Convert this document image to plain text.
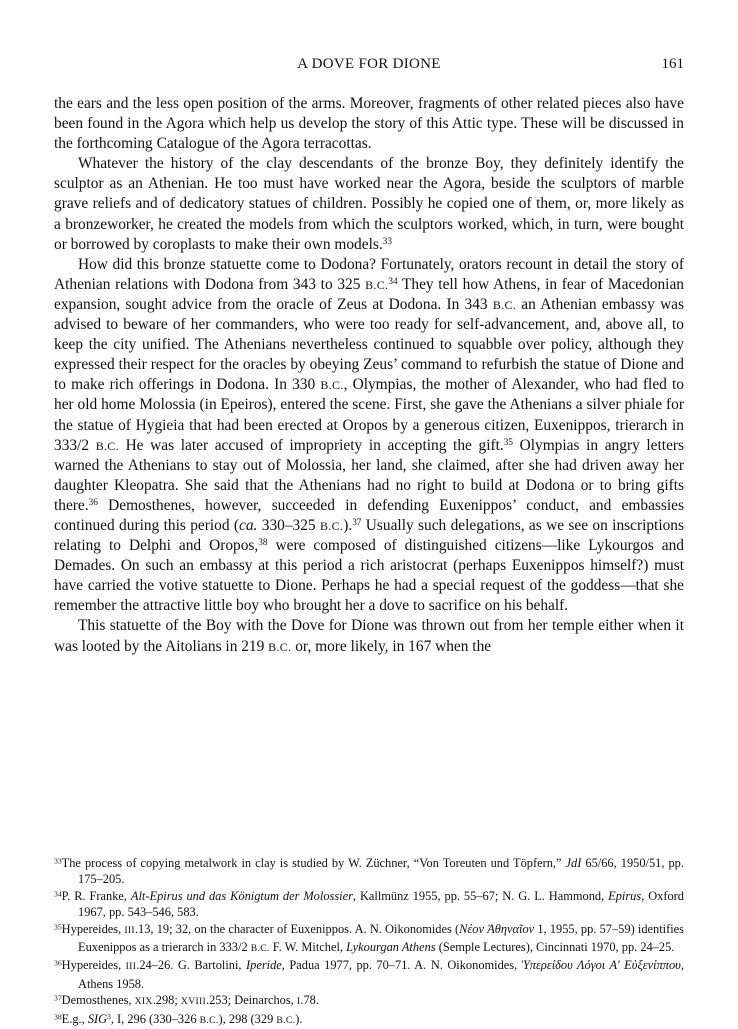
A DOVE FOR DIONE	161

the ears and the less open position of the arms. Moreover, fragments of other related pieces also have been found in the Agora which help us develop the story of this Attic type. These will be discussed in the forthcoming Catalogue of the Agora terracottas.

Whatever the history of the clay descendants of the bronze Boy, they definitely identify the sculptor as an Athenian. He too must have worked near the Agora, beside the sculptors of marble grave reliefs and of dedicatory statues of children. Possibly he copied one of them, or, more likely as a bronzeworker, he created the models from which the sculptors worked, which, in turn, were bought or borrowed by coroplasts to make their own models.$^{33}$

How did this bronze statuette come to Dodona? Fortunately, orators recount in detail the story of Athenian relations with Dodona from 343 to 325 B.C.$^{34}$ They tell how Athens, in fear of Macedonian expansion, sought advice from the oracle of Zeus at Dodona. In 343 B.C. an Athenian embassy was advised to beware of her commanders, who were too ready for self-advancement, and, above all, to keep the city unified. The Athenians nevertheless continued to squabble over policy, although they expressed their respect for the oracles by obeying Zeus’ command to refurbish the statue of Dione and to make rich offerings in Dodona. In 330 B.C., Olympias, the mother of Alexander, who had fled to her old home Molossia (in Epeiros), entered the scene. First, she gave the Athenians a silver phiale for the statue of Hygieia that had been erected at Oropos by a generous citizen, Euxenippos, trierarch in 333/2 B.C. He was later accused of impropriety in accepting the gift.$^{35}$ Olympias in angry letters warned the Athenians to stay out of Molossia, her land, she claimed, after she had driven away her daughter Kleopatra. She said that the Athenians had no right to build at Dodona or to bring gifts there.$^{36}$ Demosthenes, however, succeeded in defending Euxenippos’ conduct, and embassies continued during this period (ca. 330–325 B.C.).$^{37}$ Usually such delegations, as we see on inscriptions relating to Delphi and Oropos,$^{38}$ were composed of distinguished citizens—like Lykourgos and Demades. On such an embassy at this period a rich aristocrat (perhaps Euxenippos himself?) must have carried the votive statuette to Dione. Perhaps he had a special request of the goddess—that she remember the attractive little boy who brought her a dove to sacrifice on his behalf.

This statuette of the Boy with the Dove for Dione was thrown out from her temple either when it was looted by the Aitolians in 219 B.C. or, more likely, in 167 when the

$^{33}$The process of copying metalwork in clay is studied by W. Züchner, “Von Toreuten und Töpfern,” JdI 65/66, 1950/51, pp. 175–205.

$^{34}$P. R. Franke, Alt-Epirus und das Königtum der Molossier, Kallmünz 1955, pp. 55–67; N. G. L. Hammond, Epirus, Oxford 1967, pp. 543–546, 583.

$^{35}$Hypereides, III.13, 19; 32, on the character of Euxenippos. A. N. Oikonomides (Νέον Ἀθηναῖον 1, 1955, pp. 57–59) identifies Euxenippos as a trierarch in 333/2 B.C. F. W. Mitchel, Lykourgan Athens (Semple Lectures), Cincinnati 1970, pp. 24–25.

$^{36}$Hypereides, III.24–26. G. Bartolini, Iperide, Padua 1977, pp. 70–71. A. N. Oikonomides, Ὑπερείδου Λόγοι Α' Εὐξενίππου, Athens 1958.

$^{37}$Demosthenes, XIX.298; XVIII.253; Deinarchos, I.78.

$^{38}$E.g., SIG$^3$, I, 296 (330–326 B.C.), 298 (329 B.C.).
